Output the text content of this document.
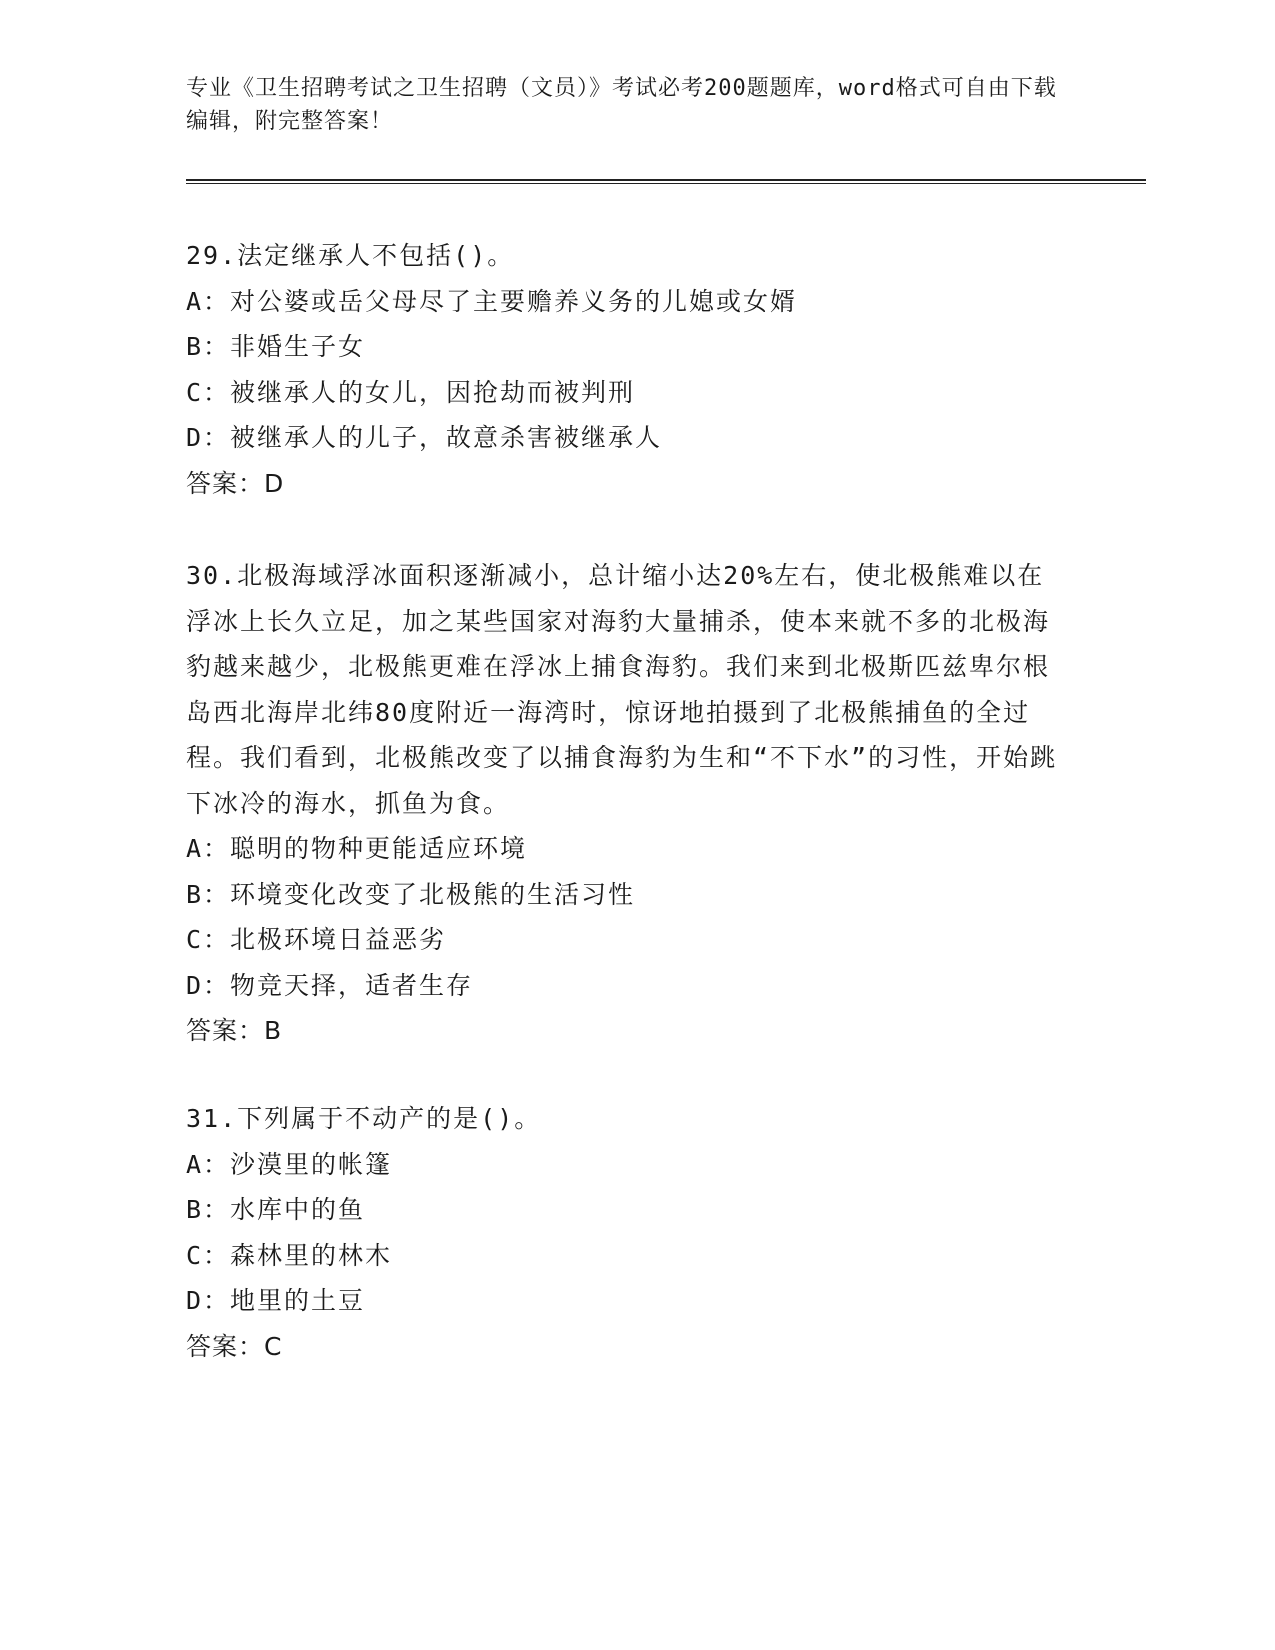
专业《卫生招聘考试之卫生招聘（文员）》考试必考200题题库，word格式可自由下载编辑，附完整答案！

29.法定继承人不包括()。

A：对公婆或岳父母尽了主要赡养义务的儿媳或女婿

B：非婚生子女

C：被继承人的女儿，因抢劫而被判刑

D：被继承人的儿子，故意杀害被继承人

答案：D

30.北极海域浮冰面积逐渐减小，总计缩小达20%左右，使北极熊难以在浮冰上长久立足，加之某些国家对海豹大量捕杀，使本来就不多的北极海豹越来越少，北极熊更难在浮冰上捕食海豹。我们来到北极斯匹兹卑尔根岛西北海岸北纬80度附近一海湾时，惊讶地拍摄到了北极熊捕鱼的全过程。我们看到，北极熊改变了以捕食海豹为生和“不下水”的习性，开始跳下冰冷的海水，抓鱼为食。

A：聪明的物种更能适应环境

B：环境变化改变了北极熊的生活习性

C：北极环境日益恶劣

D：物竞天择，适者生存

答案：B

31.下列属于不动产的是()。

A：沙漠里的帐篷

B：水库中的鱼

C：森林里的林木

D：地里的土豆

答案：C
